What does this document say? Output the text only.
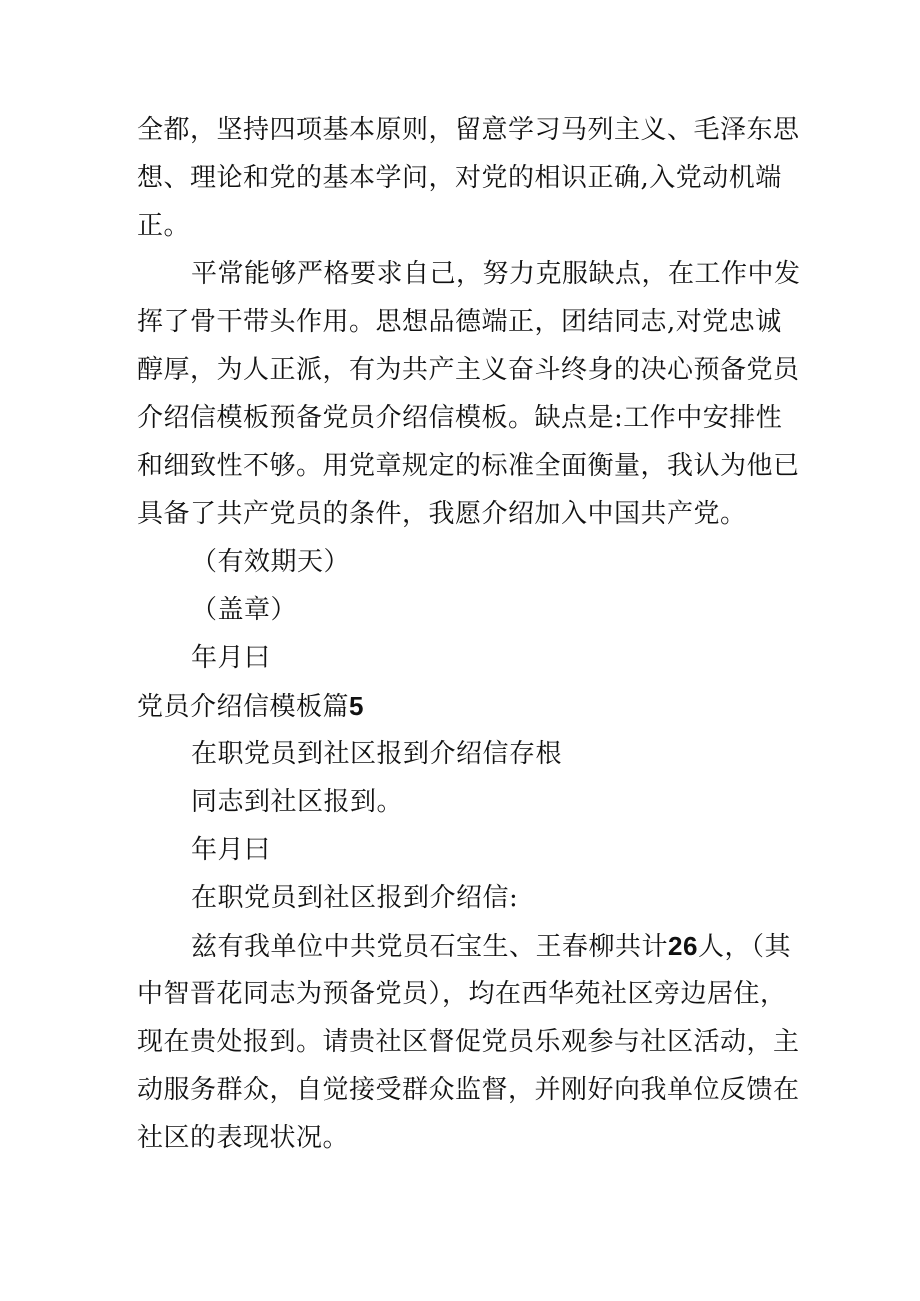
全都，坚持四项基本原则，留意学习马列主义、毛泽东思
想、理论和党的基本学问，对党的相识正确,入党动机端
正。
平常能够严格要求自己，努力克服缺点，在工作中发
挥了骨干带头作用。思想品德端正，团结同志,对党忠诚
醇厚，为人正派，有为共产主义奋斗终身的决心预备党员
介绍信模板预备党员介绍信模板。缺点是:工作中安排性
和细致性不够。用党章规定的标准全面衡量，我认为他已
具备了共产党员的条件，我愿介绍加入中国共产党。
（有效期天）
（盖章）
年月曰
党员介绍信模板篇5
在职党员到社区报到介绍信存根
同志到社区报到。
年月曰
在职党员到社区报到介绍信:
兹有我单位中共党员石宝生、王春柳共计26人，（其
中智晋花同志为预备党员），均在西华苑社区旁边居住，
现在贵处报到。请贵社区督促党员乐观参与社区活动，主
动服务群众，自觉接受群众监督，并刚好向我单位反馈在
社区的表现状况。
